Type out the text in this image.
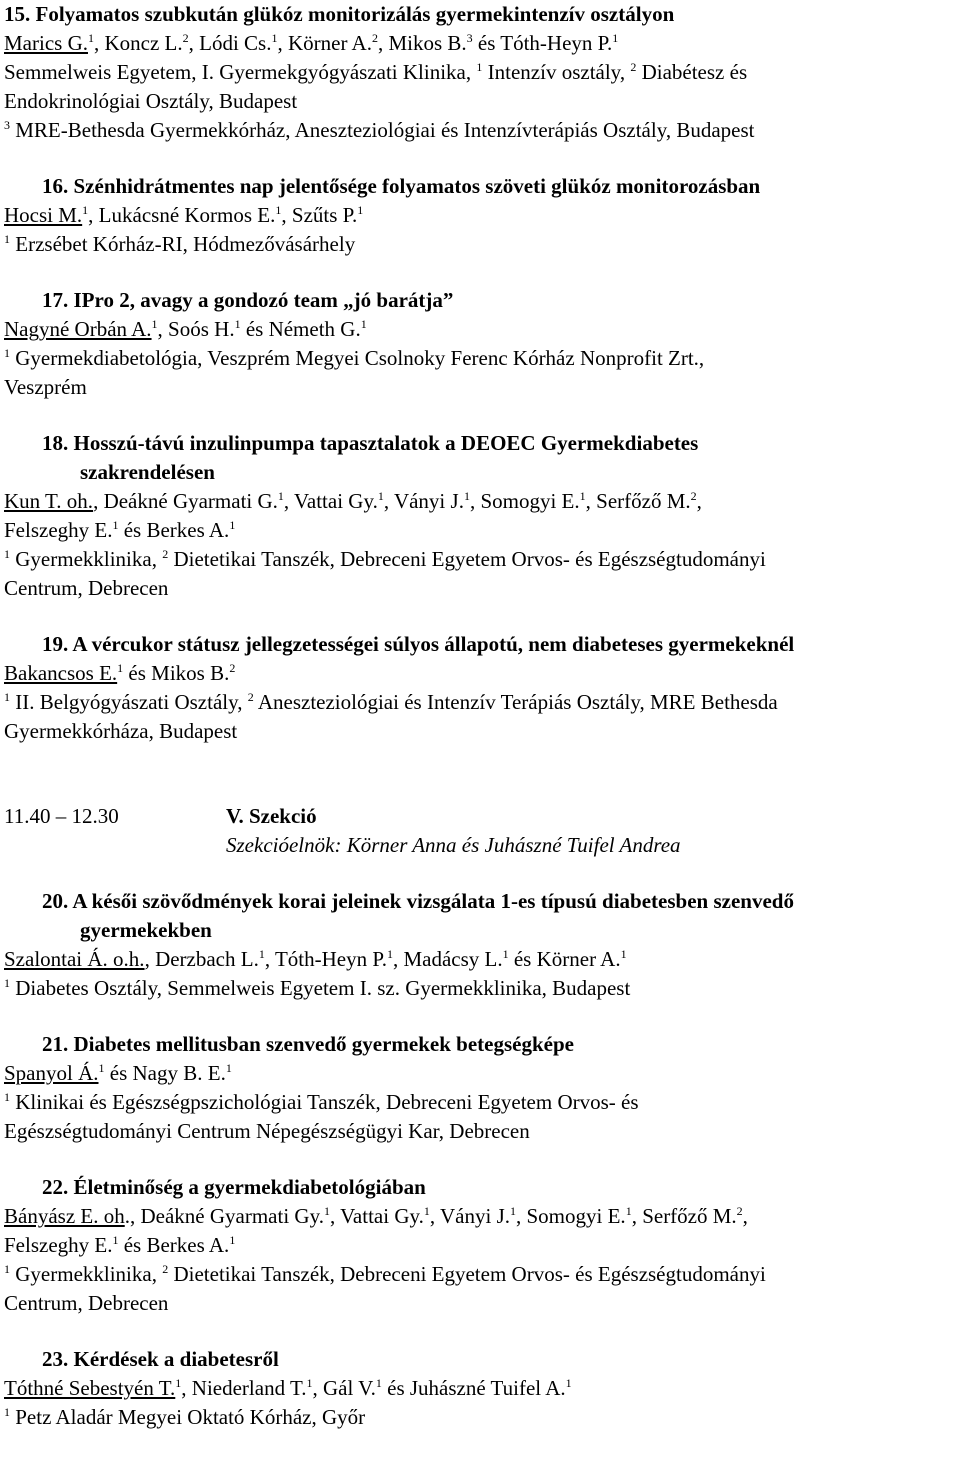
15. Folyamatos szubkután glükóz monitorizálás gyermekintenzív osztályon
Marics G.$^1$, Koncz L.$^2$, Lódi Cs.$^1$, Körner A.$^2$, Mikos B.$^3$ és Tóth-Heyn P.$^1$
Semmelweis Egyetem, I. Gyermekgyógyászati Klinika, $^1$ Intenzív osztály, $^2$ Diabétesz és
Endokrinológiai Osztály, Budapest
$^3$ MRE-Bethesda Gyermekkórház, Aneszteziológiai és Intenzívterápiás Osztály, Budapest
16. Szénhidrátmentes nap jelentősége folyamatos szöveti glükóz monitorozásban
Hocsi M.$^1$, Lukácsné Kormos E.$^1$, Szűts P.$^1$
$^1$ Erzsébet Kórház-RI, Hódmezővásárhely
17. IPro 2, avagy a gondozó team „jó barátja”
Nagyné Orbán A.$^1$, Soós H.$^1$ és Németh G.$^1$
$^1$ Gyermekdiabetológia, Veszprém Megyei Csolnoky Ferenc Kórház Nonprofit Zrt.,
Veszprém
18. Hosszú-távú inzulinpumpa tapasztalatok a DEOEC Gyermekdiabetes
szakrendelésen
Kun T. oh., Deákné Gyarmati G.$^1$, Vattai Gy.$^1$, Ványi J.$^1$, Somogyi E.$^1$, Serfőző M.$^2$,
Felszeghy E.$^1$ és Berkes A.$^1$
$^1$ Gyermekklinika, $^2$ Dietetikai Tanszék, Debreceni Egyetem Orvos- és Egészségtudományi
Centrum, Debrecen
19. A vércukor státusz jellegzetességei súlyos állapotú, nem diabeteses gyermekeknél
Bakancsos E.$^1$ és Mikos B.$^2$
$^1$ II. Belgyógyászati Osztály, $^2$ Aneszteziológiai és Intenzív Terápiás Osztály, MRE Bethesda
Gyermekkórháza, Budapest
11.40 – 12.30	V. Szekció
Szekcióelnök: Körner Anna és Juhászné Tuifel Andrea
20. A késői szövődmények korai jeleinek vizsgálata 1-es típusú diabetesben szenvedő
gyermekekben
Szalontai Á. o.h., Derzbach L.$^1$, Tóth-Heyn P.$^1$, Madácsy L.$^1$ és Körner A.$^1$
$^1$ Diabetes Osztály, Semmelweis Egyetem I. sz. Gyermekklinika, Budapest
21. Diabetes mellitusban szenvedő gyermekek betegségképe
Spanyol Á.$^1$ és Nagy B. E.$^1$
$^1$ Klinikai és Egészségpszichológiai Tanszék, Debreceni Egyetem Orvos- és
Egészségtudományi Centrum Népegészségügyi Kar, Debrecen
22. Életminőség a gyermekdiabetológiában
Bányász E. oh., Deákné Gyarmati Gy.$^1$, Vattai Gy.$^1$, Ványi J.$^1$, Somogyi E.$^1$, Serfőző M.$^2$,
Felszeghy E.$^1$ és Berkes A.$^1$
$^1$ Gyermekklinika, $^2$ Dietetikai Tanszék, Debreceni Egyetem Orvos- és Egészségtudományi
Centrum, Debrecen
23. Kérdések a diabetesről
Tóthné Sebestyén T.$^1$, Niederland T.$^1$, Gál V.$^1$ és Juhászné Tuifel A.$^1$
$^1$ Petz Aladár Megyei Oktató Kórház, Győr
